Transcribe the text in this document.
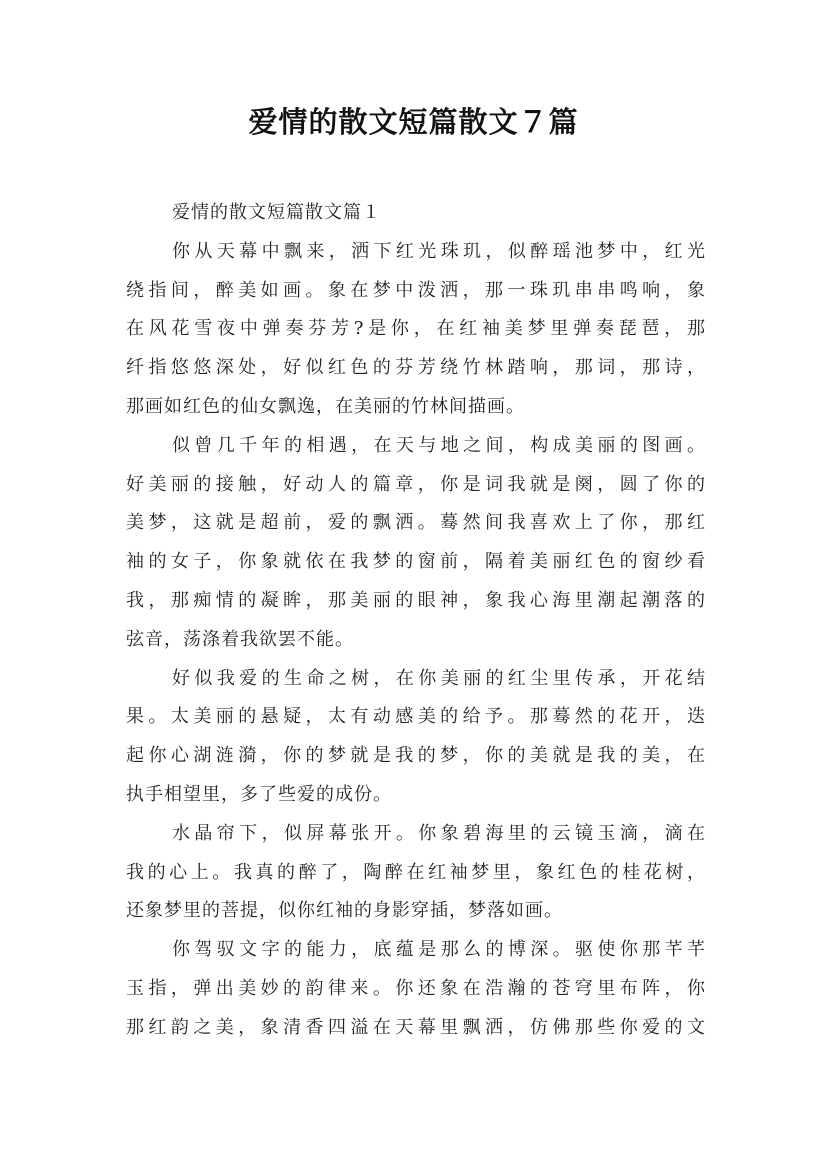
爱情的散文短篇散文７篇
爱情的散文短篇散文篇１
你从天幕中飘来，洒下红光珠玑，似醉瑶池梦中，红光
绕指间，醉美如画。象在梦中泼洒，那一珠玑串串鸣响，象
在风花雪夜中弹奏芬芳?是你，在红袖美梦里弹奏琵琶，那
纤指悠悠深处，好似红色的芬芳绕竹林踏响，那词，那诗，
那画如红色的仙女飘逸，在美丽的竹林间描画。
似曾几千年的相遇，在天与地之间，构成美丽的图画。
好美丽的接触，好动人的篇章，你是词我就是阕，圆了你的
美梦，这就是超前，爱的飘洒。蓦然间我喜欢上了你，那红
袖的女子，你象就依在我梦的窗前，隔着美丽红色的窗纱看
我，那痴情的凝眸，那美丽的眼神，象我心海里潮起潮落的
弦音，荡涤着我欲罢不能。
好似我爱的生命之树，在你美丽的红尘里传承，开花结
果。太美丽的悬疑，太有动感美的给予。那蓦然的花开，迭
起你心湖涟漪，你的梦就是我的梦，你的美就是我的美，在
执手相望里，多了些爱的成份。
水晶帘下，似屏幕张开。你象碧海里的云镜玉滴，滴在
我的心上。我真的醉了，陶醉在红袖梦里，象红色的桂花树，
还象梦里的菩提，似你红袖的身影穿插，梦落如画。
你驾驭文字的能力，底蕴是那么的博深。驱使你那芊芊
玉指，弹出美妙的韵律来。你还象在浩瀚的苍穹里布阵，你
那红韵之美，象清香四溢在天幕里飘洒，仿佛那些你爱的文
